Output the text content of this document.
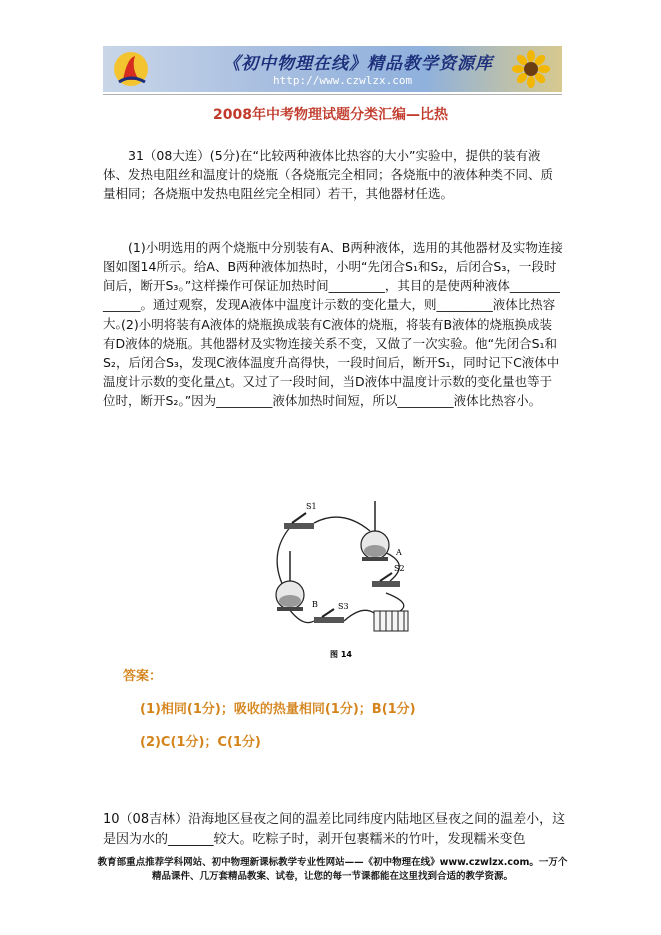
《初中物理在线》精品教学资源库
http://www.czwlzx.com
2008年中考物理试题分类汇编—比热

31（08大连）(5分)在“比较两种液体比热容的大小”实验中，提供的装有液体、发热电阻丝和温度计的烧瓶（各烧瓶完全相同；各烧瓶中的液体种类不同、质量相同；各烧瓶中发热电阻丝完全相同）若干，其他器材任选。

(1)小明选用的两个烧瓶中分别装有A、B两种液体，选用的其他器材及实物连接图如图14所示。给A、B两种液体加热时，小明“先闭合S₁和S₂，后闭合S₃，一段时间后，断开S₃。”这样操作可保证加热时间_________，其目的是使两种液体______________。通过观察，发现A液体中温度计示数的变化量大，则_________液体比热容大。

(2)小明将装有A液体的烧瓶换成装有C液体的烧瓶，将装有B液体的烧瓶换成装有D液体的烧瓶。其他器材及实物连接关系不变，又做了一次实验。他“先闭合S₁和S₂，后闭合S₃，发现C液体温度升高得快，一段时间后，断开S₁，同时记下C液体中温度计示数的变化量△t。又过了一段时间，当D液体中温度计示数的变化量也等于位时，断开S₂。”因为_________液体加热时间短，所以_________液体比热容小。

S1
A
B
S2
S3
图 14
答案：
(1)相同(1分)；吸收的热量相同(1分)；B(1分)
(2)C(1分)；C(1分)

10（08吉林）沿海地区昼夜之间的温差比同纬度内陆地区昼夜之间的温差小，这是因为水的_______较大。吃粽子时，剥开包裹糯米的竹叶，发现糯米变色

教育部重点推荐学科网站、初中物理新课标教学专业性网站——《初中物理在线》www.czwlzx.com。一万个
精品课件、几万套精品教案、试卷，让您的每一节课都能在这里找到合适的教学资源。
